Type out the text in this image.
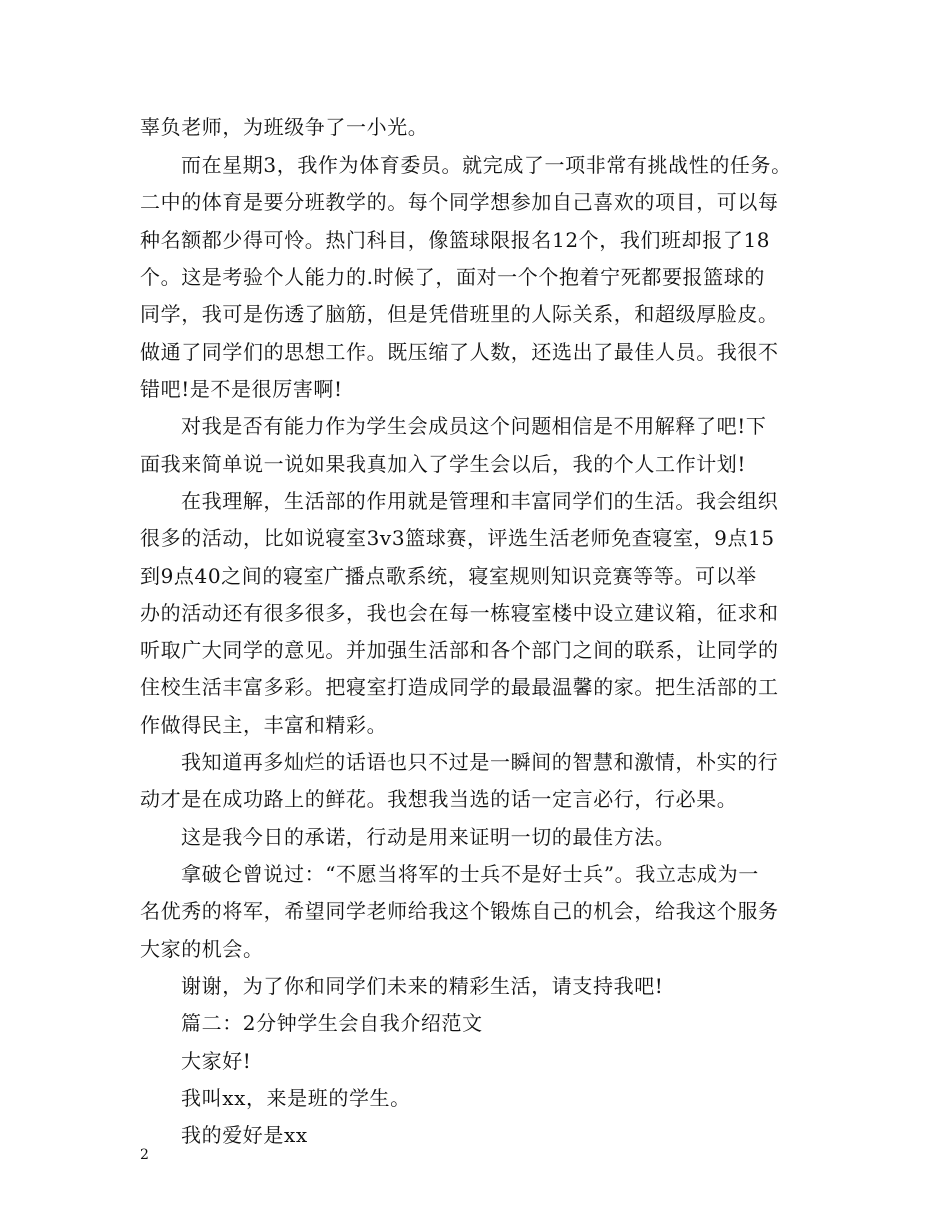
辜负老师，为班级争了一小光。
而在星期3，我作为体育委员。就完成了一项非常有挑战性的任务。
二中的体育是要分班教学的。每个同学想参加自己喜欢的项目，可以每
种名额都少得可怜。热门科目，像篮球限报名12个，我们班却报了18
个。这是考验个人能力的.时候了，面对一个个抱着宁死都要报篮球的
同学，我可是伤透了脑筋，但是凭借班里的人际关系，和超级厚脸皮。
做通了同学们的思想工作。既压缩了人数，还选出了最佳人员。我很不
错吧!是不是很厉害啊!
对我是否有能力作为学生会成员这个问题相信是不用解释了吧!下
面我来简单说一说如果我真加入了学生会以后，我的个人工作计划!
在我理解，生活部的作用就是管理和丰富同学们的生活。我会组织
很多的活动，比如说寝室3v3篮球赛，评选生活老师免查寝室，9点15
到9点40之间的寝室广播点歌系统，寝室规则知识竞赛等等。可以举
办的活动还有很多很多，我也会在每一栋寝室楼中设立建议箱，征求和
听取广大同学的意见。并加强生活部和各个部门之间的联系，让同学的
住校生活丰富多彩。把寝室打造成同学的最最温馨的家。把生活部的工
作做得民主，丰富和精彩。
我知道再多灿烂的话语也只不过是一瞬间的智慧和激情，朴实的行
动才是在成功路上的鲜花。我想我当选的话一定言必行，行必果。
这是我今日的承诺，行动是用来证明一切的最佳方法。
拿破仑曾说过：“不愿当将军的士兵不是好士兵”。我立志成为一
名优秀的将军，希望同学老师给我这个锻炼自己的机会，给我这个服务
大家的机会。
谢谢，为了你和同学们未来的精彩生活，请支持我吧!
篇二：2分钟学生会自我介绍范文
大家好!
我叫xx，来是班的学生。
我的爱好是xx
2
